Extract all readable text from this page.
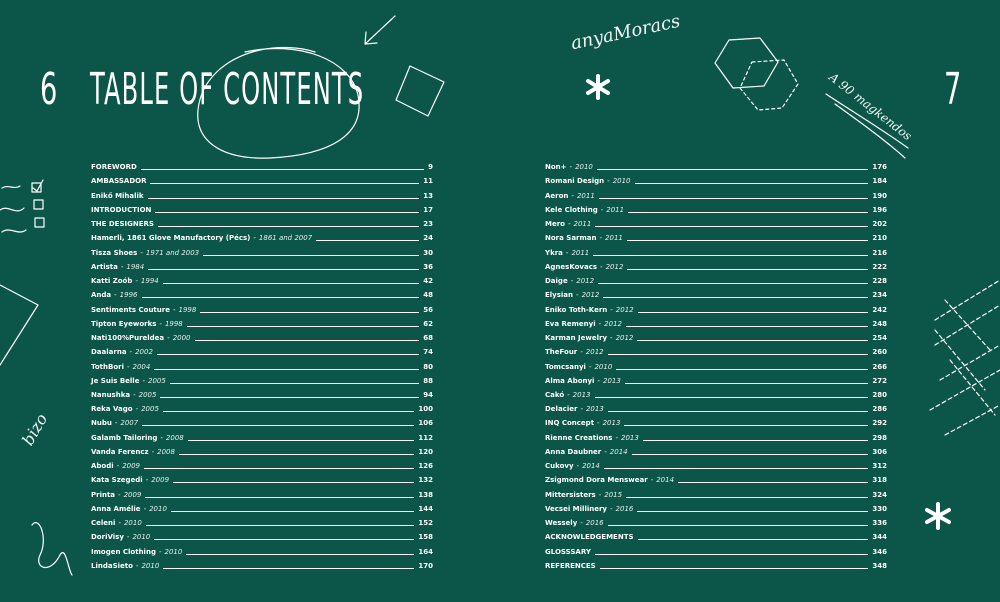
anyaMoracs
A 90 magkendos
bizo
6 TABLE OF CONTENTS	7
FOREWORD	9
AMBASSADOR	11
Enikő Mihalik	13
INTRODUCTION	17
THE DESIGNERS	23
Hamerli, 1861 Glove Manufactory (Pécs) - 1861 and 2007	24
Tisza Shoes - 1971 and 2003	30
Artista - 1984	36
Katti Zoób - 1994	42
Anda - 1996	48
Sentiments Couture - 1998	56
Tipton Eyeworks - 1998	62
Nati100%Pureldea - 2000	68
Daalarna - 2002	74
TothBori - 2004	80
Je Suis Belle - 2005	88
Nanushka - 2005	94
Reka Vago - 2005	100
Nubu - 2007	106
Galamb Tailoring - 2008	112
Vanda Ferencz - 2008	120
Abodi - 2009	126
Kata Szegedi - 2009	132
Printa - 2009	138
Anna Amélie - 2010	144
Celeni - 2010	152
DoriVisy - 2010	158
Imogen Clothing - 2010	164
LindaSieto - 2010	170
Non+ - 2010	176
Romani Design - 2010	184
Aeron - 2011	190
Kele Clothing - 2011	196
Mero - 2011	202
Nora Sarman - 2011	210
Ykra - 2011	216
AgnesKovacs - 2012	222
Daige - 2012	228
Elysian - 2012	234
Eniko Toth-Kern - 2012	242
Eva Remenyi - 2012	248
Karman Jewelry - 2012	254
TheFour - 2012	260
Tomcsanyi - 2010	266
Alma Abonyi - 2013	272
Cakó - 2013	280
Delacier - 2013	286
INQ Concept - 2013	292
Rienne Creations - 2013	298
Anna Daubner - 2014	306
Cukovy - 2014	312
Zsigmond Dora Menswear - 2014	318
Mittersisters - 2015	324
Vecsei Millinery - 2016	330
Wessely - 2016	336
ACKNOWLEDGEMENTS	344
GLOSSSARY	346
REFERENCES	348
